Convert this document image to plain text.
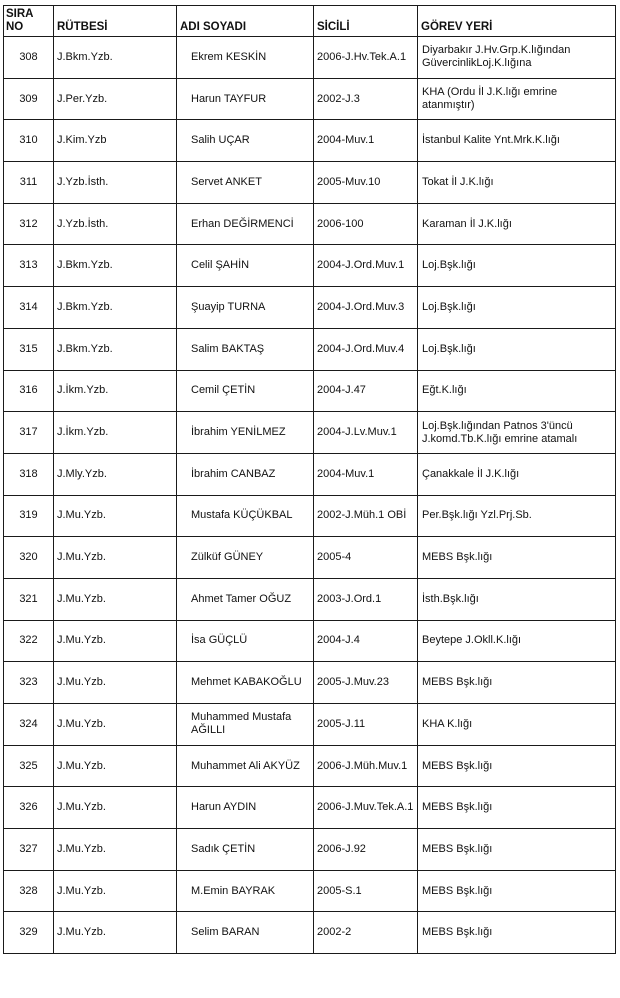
SIRA NO	RÜTBESİ	ADI SOYADI	SİCİLİ	GÖREV YERİ
308	J.Bkm.Yzb.	Ekrem KESKİN	2006-J.Hv.Tek.A.1	Diyarbakır J.Hv.Grp.K.lığından
GüvercinlikLoj.K.lığına
309	J.Per.Yzb.	Harun TAYFUR	2002-J.3	KHA (Ordu İl J.K.lığı emrine atanmıştır)
310	J.Kim.Yzb	Salih UÇAR	2004-Muv.1	İstanbul Kalite Ynt.Mrk.K.lığı
311	J.Yzb.İsth.	Servet ANKET	2005-Muv.10	Tokat İl J.K.lığı
312	J.Yzb.İsth.	Erhan DEĞİRMENCİ	2006-100	Karaman İl J.K.lığı
313	J.Bkm.Yzb.	Celil ŞAHİN	2004-J.Ord.Muv.1	Loj.Bşk.lığı
314	J.Bkm.Yzb.	Şuayip TURNA	2004-J.Ord.Muv.3	Loj.Bşk.lığı
315	J.Bkm.Yzb.	Salim BAKTAŞ	2004-J.Ord.Muv.4	Loj.Bşk.lığı
316	J.İkm.Yzb.	Cemil ÇETİN	2004-J.47	Eğt.K.lığı
317	J.İkm.Yzb.	İbrahim YENİLMEZ	2004-J.Lv.Muv.1	Loj.Bşk.lığından Patnos 3'üncü
J.komd.Tb.K.lığı emrine atamalı
318	J.Mly.Yzb.	İbrahim CANBAZ	2004-Muv.1	Çanakkale İl J.K.lığı
319	J.Mu.Yzb.	Mustafa KÜÇÜKBAL	2002-J.Müh.1 OBİ	Per.Bşk.lığı Yzl.Prj.Sb.
320	J.Mu.Yzb.	Zülküf GÜNEY	2005-4	MEBS Bşk.lığı
321	J.Mu.Yzb.	Ahmet Tamer OĞUZ	2003-J.Ord.1	İsth.Bşk.lığı
322	J.Mu.Yzb.	İsa GÜÇLÜ	2004-J.4	Beytepe J.Okll.K.lığı
323	J.Mu.Yzb.	Mehmet KABAKOĞLU	2005-J.Muv.23	MEBS Bşk.lığı
324	J.Mu.Yzb.	Muhammed Mustafa AĞILLI	2005-J.11	KHA K.lığı
325	J.Mu.Yzb.	Muhammet Ali AKYÜZ	2006-J.Müh.Muv.1	MEBS Bşk.lığı
326	J.Mu.Yzb.	Harun AYDIN	2006-J.Muv.Tek.A.1	MEBS Bşk.lığı
327	J.Mu.Yzb.	Sadık ÇETİN	2006-J.92	MEBS Bşk.lığı
328	J.Mu.Yzb.	M.Emin BAYRAK	2005-S.1	MEBS Bşk.lığı
329	J.Mu.Yzb.	Selim BARAN	2002-2	MEBS Bşk.lığı
